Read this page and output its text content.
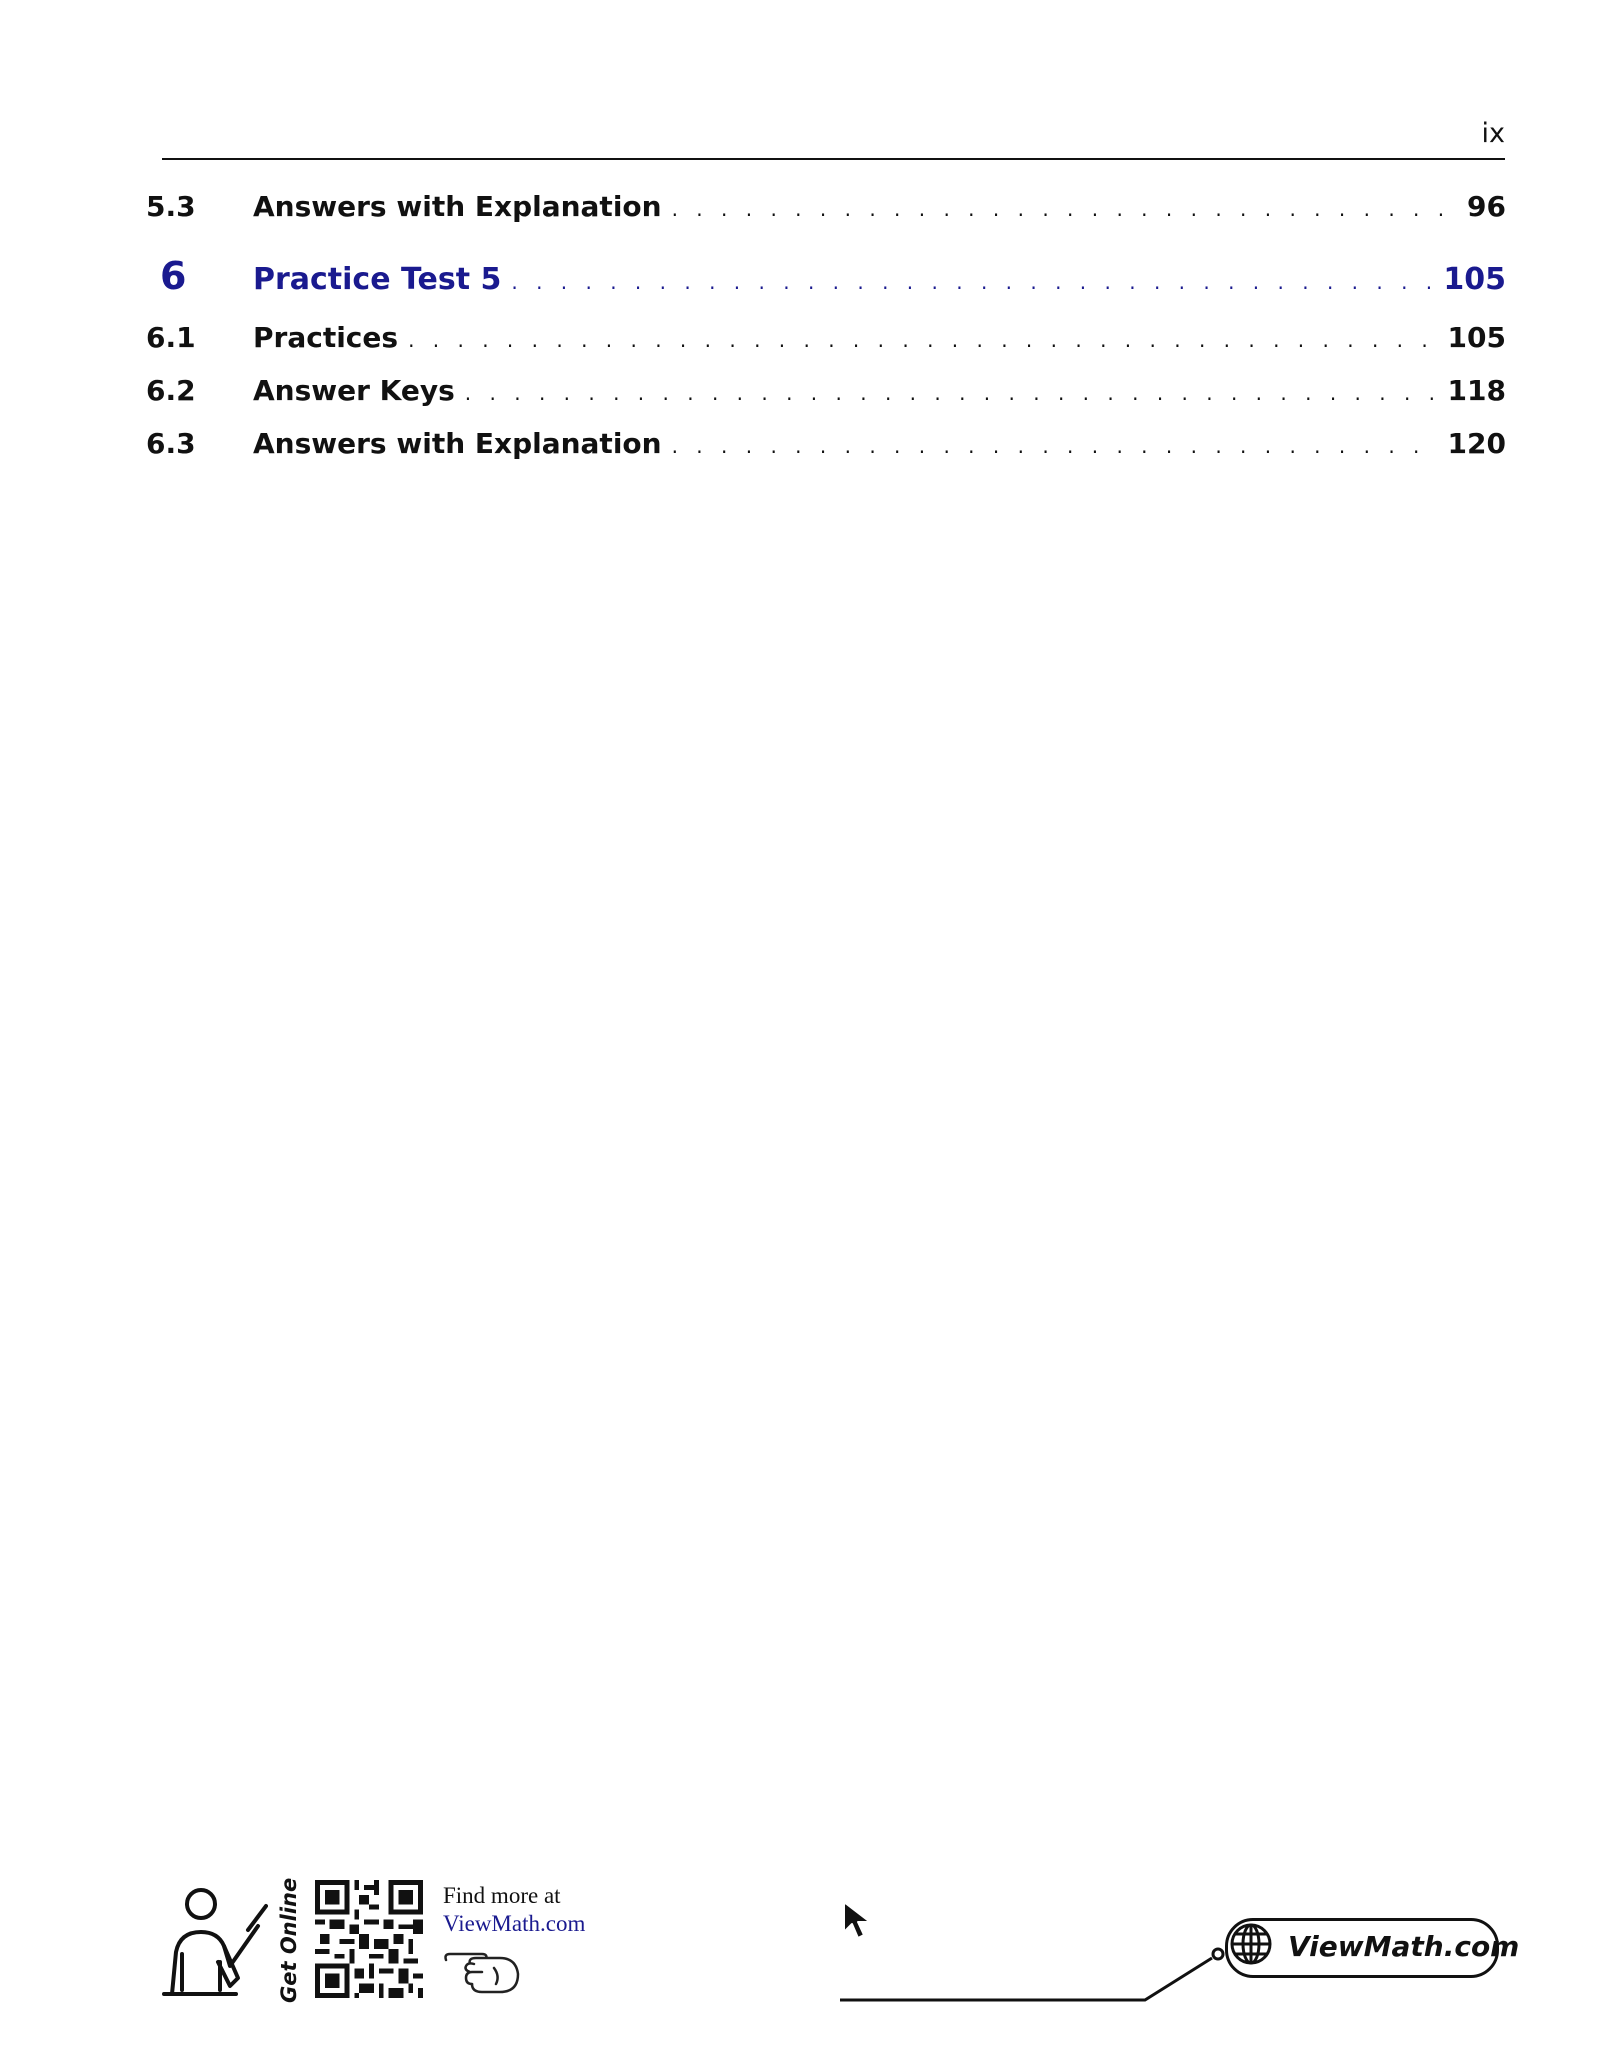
ix
5.3	Answers with Explanation . . .	96
6	Practice Test 5 . . .	105
6.1	Practices . . .	105
6.2	Answer Keys . . .	118
6.3	Answers with Explanation . . .	120
Get Online	Find more at
ViewMath.com
ViewMath.com
